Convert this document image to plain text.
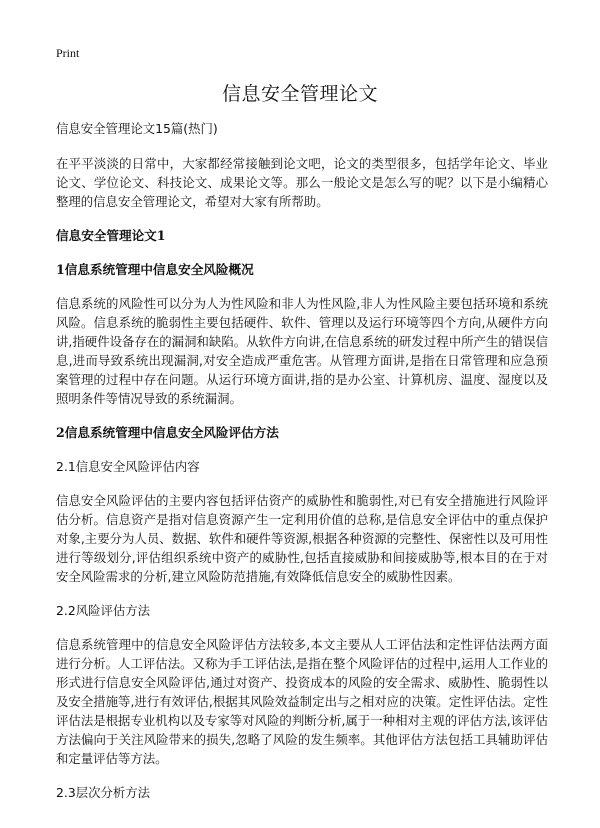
Print
信息安全管理论文

信息安全管理论文15篇(热门)

在平平淡淡的日常中，大家都经常接触到论文吧，论文的类型很多，包括学年论文、毕业论文、学位论文、科技论文、成果论文等。那么一般论文是怎么写的呢？以下是小编精心整理的信息安全管理论文，希望对大家有所帮助。

信息安全管理论文1

1信息系统管理中信息安全风险概况

信息系统的风险性可以分为人为性风险和非人为性风险,非人为性风险主要包括环境和系统风险。信息系统的脆弱性主要包括硬件、软件、管理以及运行环境等四个方向,从硬件方向讲,指硬件设备存在的漏洞和缺陷。从软件方向讲,在信息系统的研发过程中所产生的错误信息,进而导致系统出现漏洞,对安全造成严重危害。从管理方面讲,是指在日常管理和应急预案管理的过程中存在问题。从运行环境方面讲,指的是办公室、计算机房、温度、湿度以及照明条件等情况导致的系统漏洞。

2信息系统管理中信息安全风险评估方法

2.1信息安全风险评估内容

信息安全风险评估的主要内容包括评估资产的威胁性和脆弱性,对已有安全措施进行风险评估分析。信息资产是指对信息资源产生一定利用价值的总称,是信息安全评估中的重点保护对象,主要分为人员、数据、软件和硬件等资源,根据各种资源的完整性、保密性以及可用性进行等级划分,评估组织系统中资产的威胁性,包括直接威胁和间接威胁等,根本目的在于对安全风险需求的分析,建立风险防范措施,有效降低信息安全的威胁性因素。

2.2风险评估方法

信息系统管理中的信息安全风险评估方法较多,本文主要从人工评估法和定性评估法两方面进行分析。人工评估法。又称为手工评估法,是指在整个风险评估的过程中,运用人工作业的形式进行信息安全风险评估,通过对资产、投资成本的风险的安全需求、威胁性、脆弱性以及安全措施等,进行有效评估,根据其风险效益制定出与之相对应的决策。定性评估法。定性评估法是根据专业机构以及专家等对风险的判断分析,属于一种相对主观的评估方法,该评估方法偏向于关注风险带来的损失,忽略了风险的发生频率。其他评估方法包括工具辅助评估和定量评估等方法。

2.3层次分析方法
